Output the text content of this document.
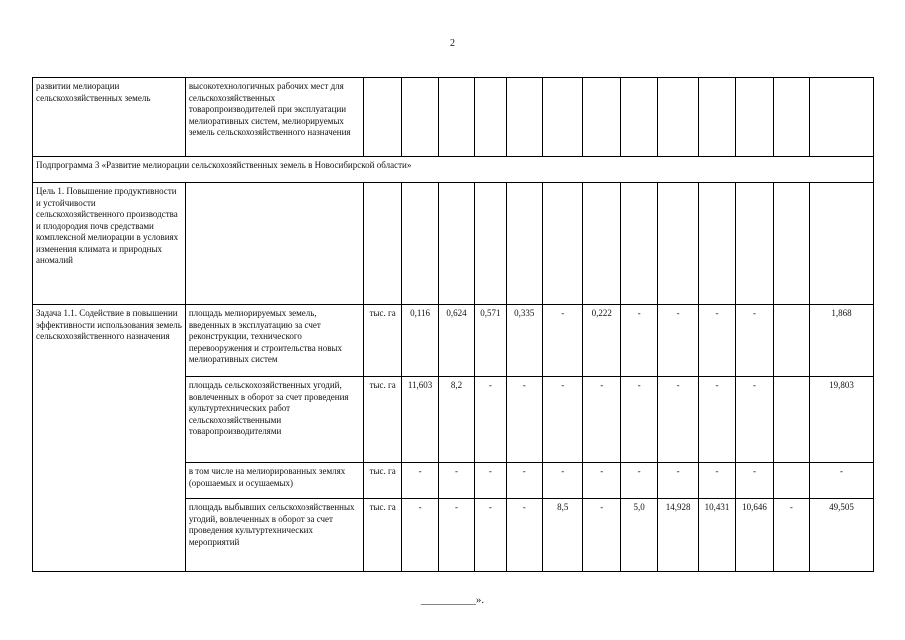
2
развитии мелиорации сельскохозяйственных земель	высокотехнологичных рабочих мест для сельскохозяйственных товаропроизводителей при эксплуатации мелиоративных систем, мелиорируемых земель сельскохозяйственного назначения													
Подпрограмма 3 «Развитие мелиорации сельскохозяйственных земель в Новосибирской области»														
Цель 1. Повышение продуктивности и устойчивости сельскохозяйственного производства и плодородия почв средствами комплексной мелиорации в условиях изменения климата и природных аномалий														
Задача 1.1. Содействие в повышении эффективности использования земель сельскохозяйственного назначения	площадь мелиорируемых земель, введенных в эксплуатацию за счет реконструкции, технического перевооружения и строительства новых мелиоративных систем	тыс. га	0,116	0,624	0,571	0,335	-	0,222	-	-	-	-		1,868
	площадь сельскохозяйственных угодий, вовлеченных в оборот за счет проведения культуртехнических работ сельскохозяйственными товаропроизводителями	тыс. га	11,603	8,2	-	-	-	-	-	-	-	-		19,803
	в том числе на мелиорированных землях (орошаемых и осушаемых)	тыс. га	-	-	-	-	-	-	-	-	-	-		-
	площадь выбывших сельскохозяйственных угодий, вовлеченных в оборот за счет проведения культуртехнических мероприятий	тыс. га	-	-	-	-	8,5	-	5,0	14,928	10,431	10,646	-	49,505
__________».
